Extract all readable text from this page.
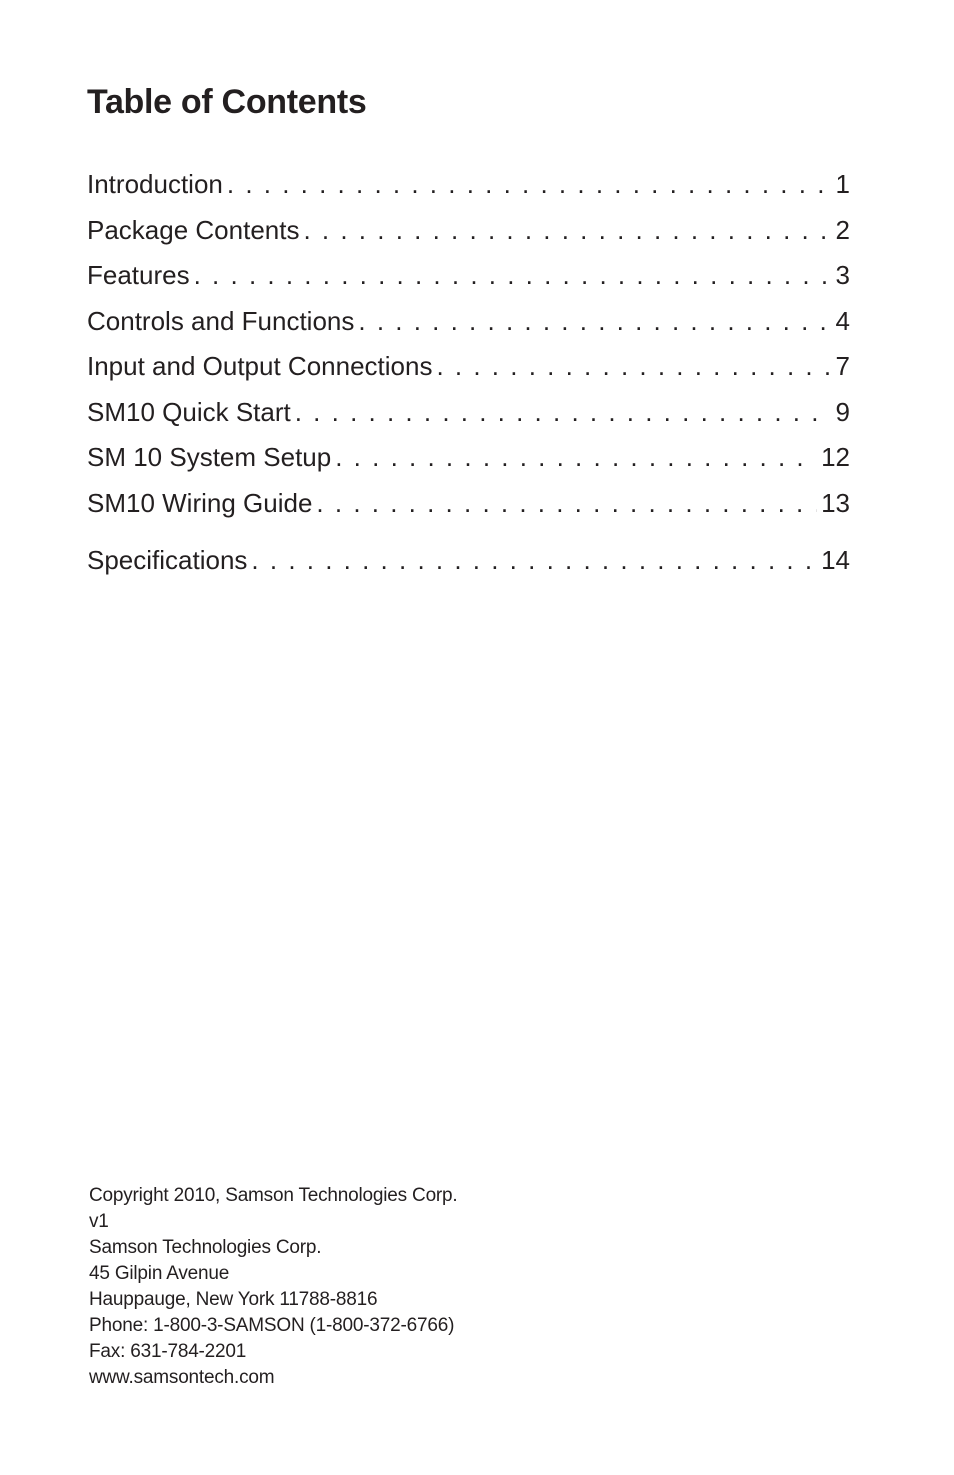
Table of Contents
Introduction . . .	1
Package Contents . . .	2
Features . . .	3
Controls and Functions . . .	4
Input and Output Connections . . .	7
SM10 Quick Start . . .	9
SM 10 System Setup . . .	12
SM10 Wiring Guide . . .	13
Specifications . . .	14
Copyright 2010, Samson Technologies Corp.
v1
Samson Technologies Corp.
45 Gilpin Avenue
Hauppauge, New York 11788-8816
Phone: 1-800-3-SAMSON (1-800-372-6766)
Fax: 631-784-2201
www.samsontech.com
